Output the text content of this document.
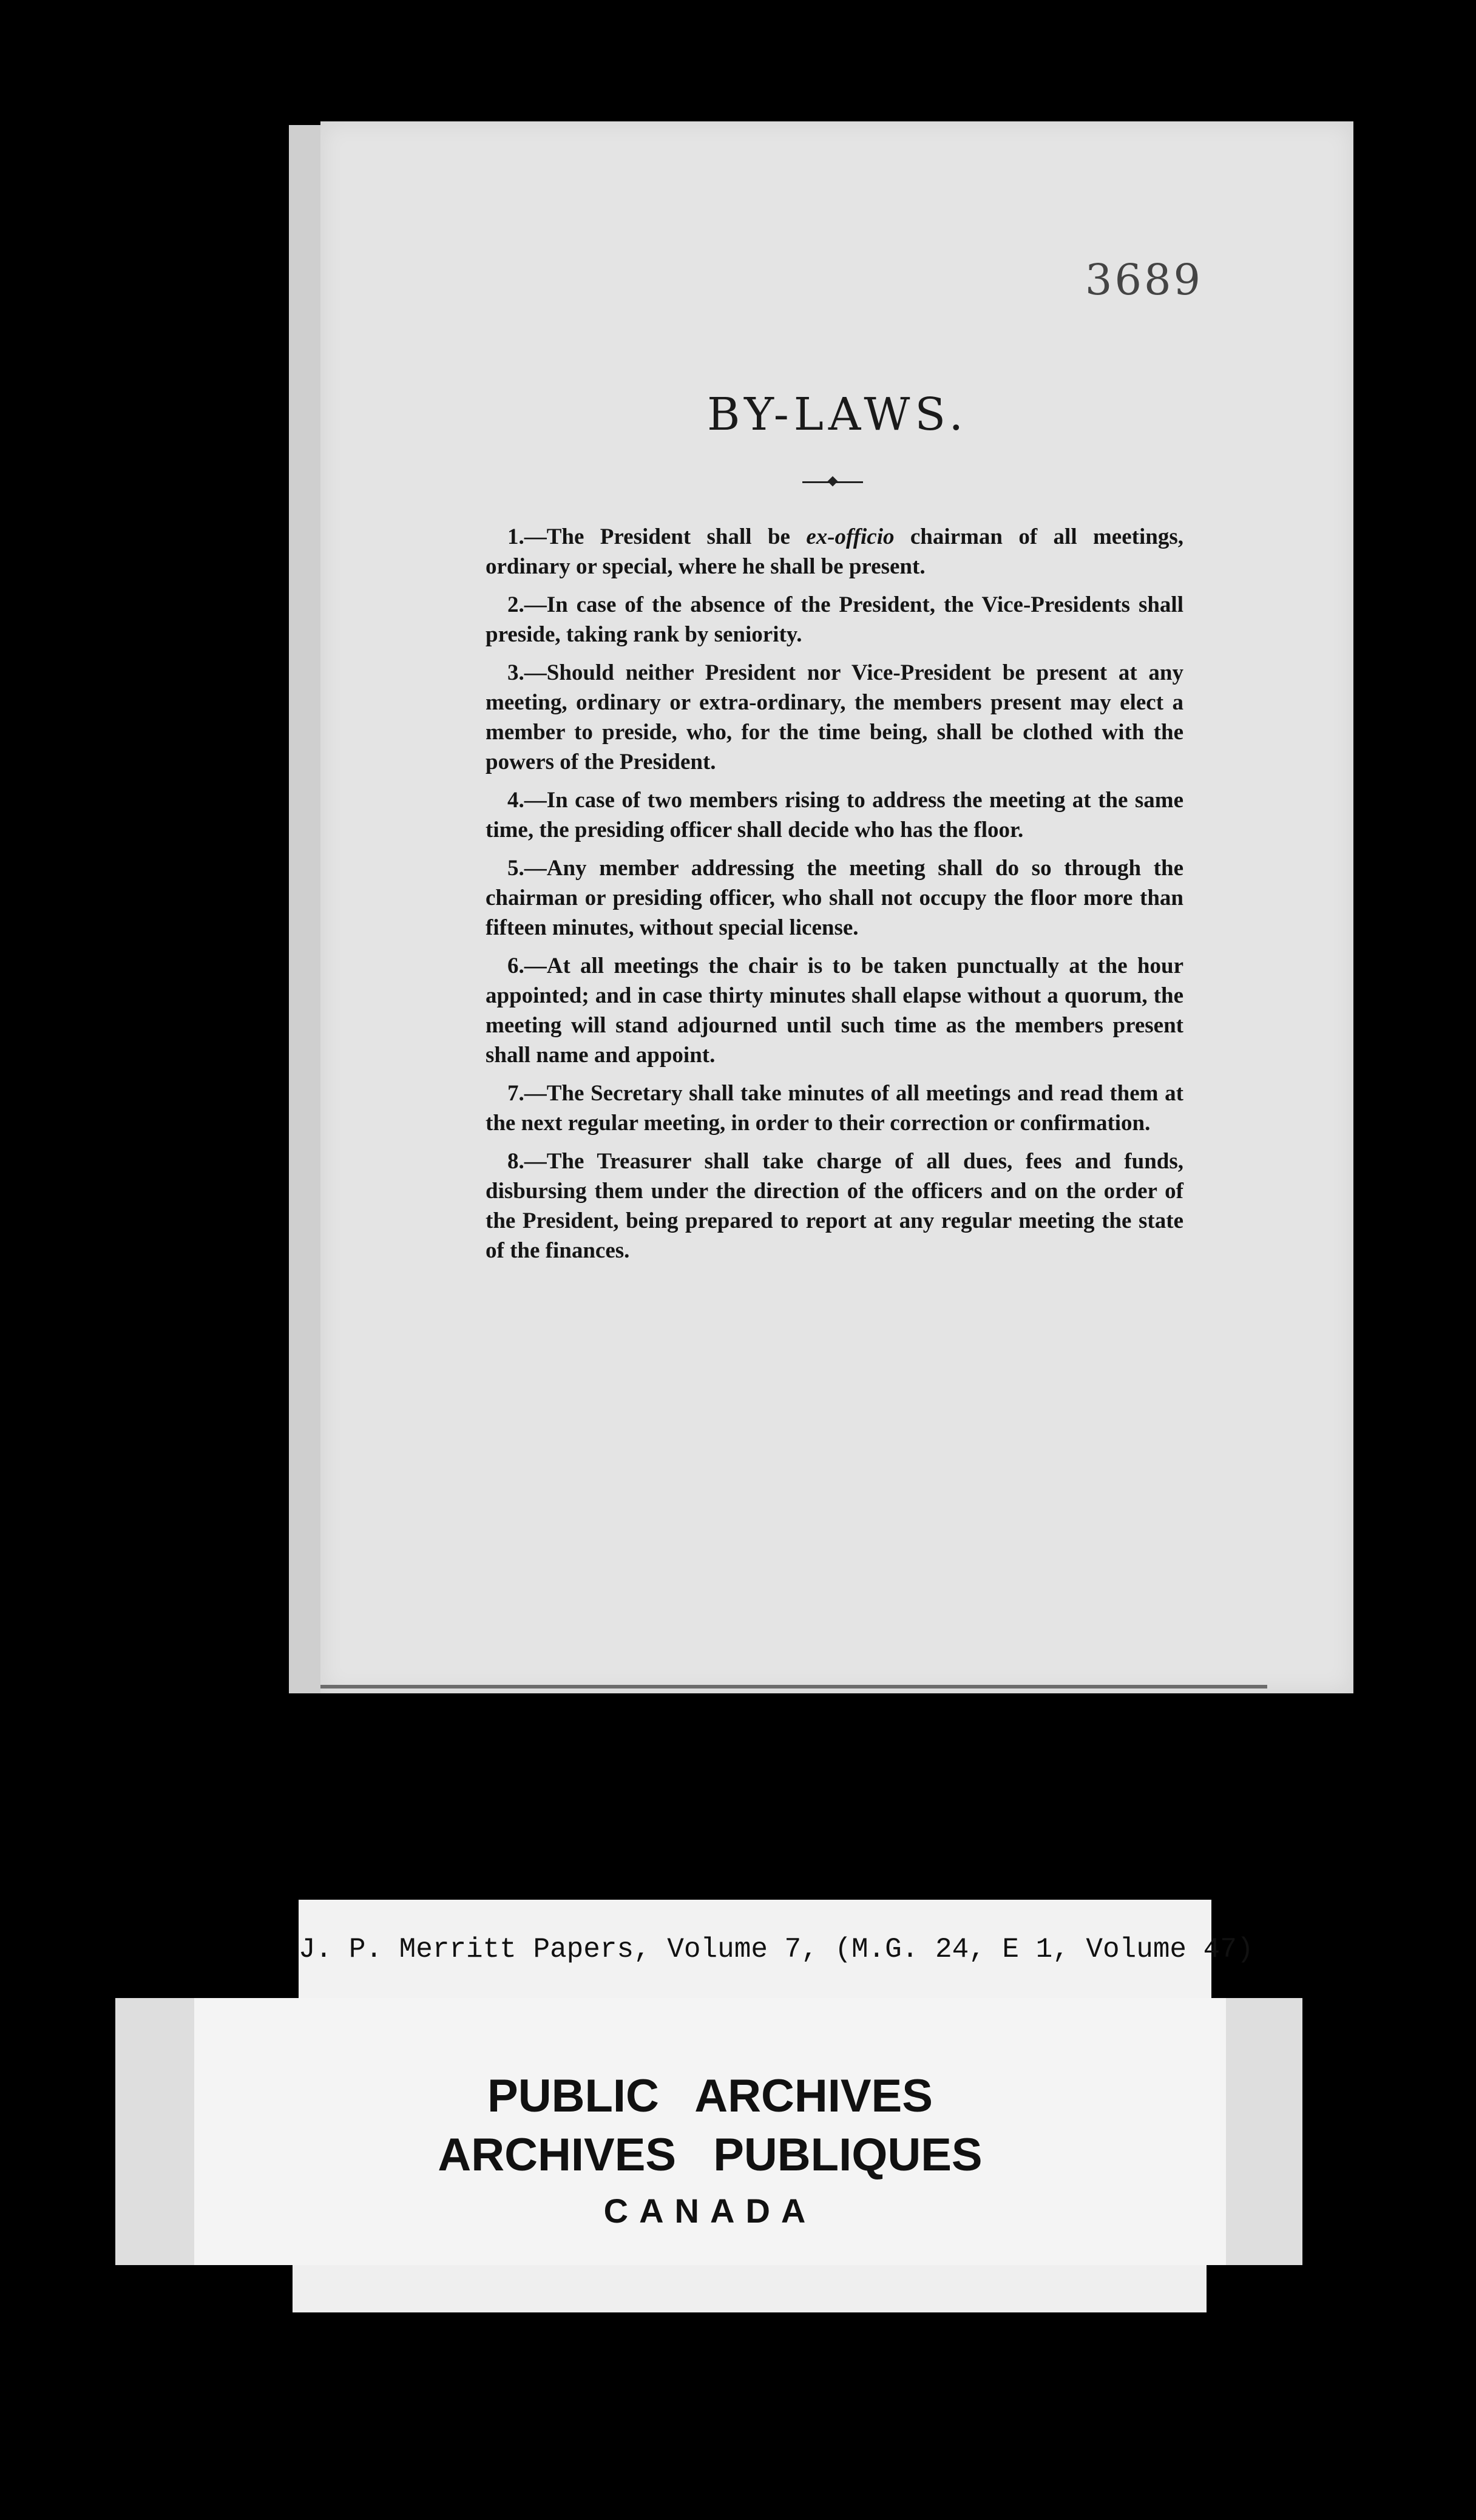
3689
BY-LAWS.

1.—The President shall be ex-officio chairman of all meetings, ordinary or special, where he shall be present.

2.—In case of the absence of the President, the Vice-Presidents shall preside, taking rank by seniority.

3.—Should neither President nor Vice-President be present at any meeting, ordinary or extra-ordinary, the members present may elect a member to preside, who, for the time being, shall be clothed with the powers of the President.

4.—In case of two members rising to address the meeting at the same time, the presiding officer shall decide who has the floor.

5.—Any member addressing the meeting shall do so through the chairman or presiding officer, who shall not occupy the floor more than fifteen minutes, without special license.

6.—At all meetings the chair is to be taken punctually at the hour appointed; and in case thirty minutes shall elapse without a quorum, the meeting will stand adjourned until such time as the members present shall name and appoint.

7.—The Secretary shall take minutes of all meetings and read them at the next regular meeting, in order to their correction or confirmation.

8.—The Treasurer shall take charge of all dues, fees and funds, disbursing them under the direction of the officers and on the order of the President, being prepared to report at any regular meeting the state of the finances.

J. P. Merritt Papers, Volume 7, (M.G. 24, E 1, Volume 47)
PUBLIC ARCHIVES
ARCHIVES PUBLIQUES
CANADA
